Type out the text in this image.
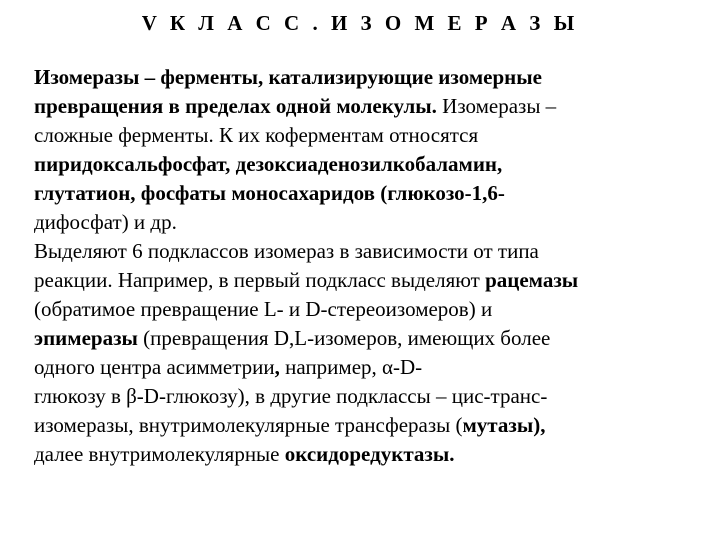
V К Л А С С . И З О М Е Р А З Ы
Изомеразы – ферменты, катализирующие изомерные
превращения в пределах одной молекулы. Изомеразы –
сложные ферменты. К их коферментам относятся
пиридоксальфосфат, дезоксиаденозилкобаламин,
глутатион, фосфаты моносахаридов (глюкозо-1,6-
дифосфат) и др.
Выделяют 6 подклассов изомераз в зависимости от типа
реакции. Например, в первый подкласс выделяют рацемазы
(обратимое превращение L- и D-стереоизомеров) и
эпимеразы (превращения D,L-изомеров, имеющих более
одного центра асимметрии, например, α-D-
глюкозу в β-D-глюкозу), в другие подклассы – цис-транс-
изомеразы, внутримолекулярные трансферазы (мутазы),
далее внутримолекулярные оксидоредуктазы.
